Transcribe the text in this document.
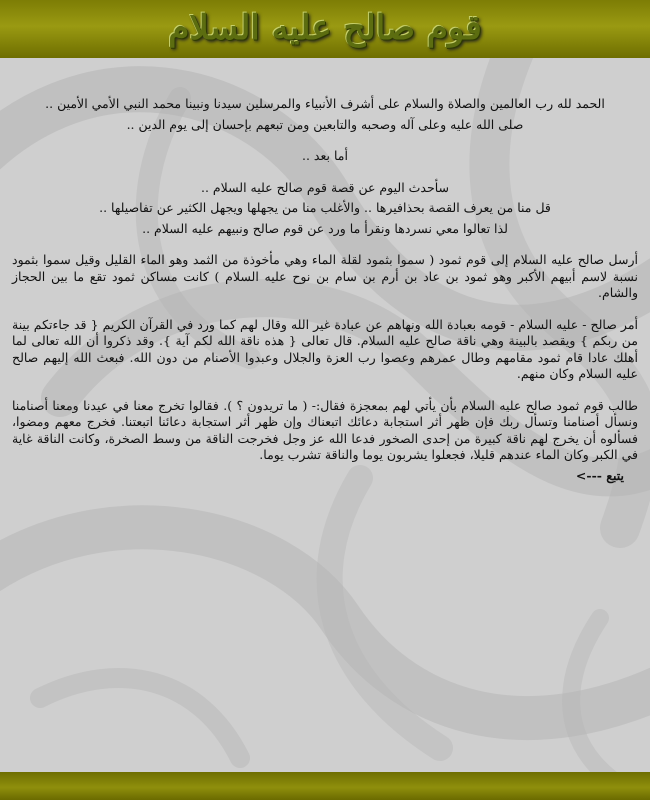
قوم صالح عليه السلام

الحمد لله رب العالمين والصلاة والسلام على أشرف الأنبياء والمرسلين سيدنا ونبينا محمد النبي الأمي الأمين ..

صلى الله عليه وعلى آله وصحبه والتابعين ومن تبعهم بإحسان إلى يوم الدين ..

أما بعد ..

سأحدث اليوم عن قصة قوم صالح عليه السلام ..

قل منا من يعرف القصة بحذافيرها .. والأغلب منا من يجهلها ويجهل الكثير عن تفاصيلها ..

لذا تعالوا معي نسردها ونقرأ ما ورد عن قوم صالح ونبيهم عليه السلام ..

أرسل صالح عليه السلام إلى قوم ثمود ( سموا بثمود لقلة الماء وهي مأخوذة من الثمد وهو الماء القليل وقيل سموا بثمود نسبة لاسم أبيهم الأكبر وهو ثمود بن عاد بن أرم بن سام بن نوح عليه السلام ) كانت مساكن ثمود تقع ما بين الحجاز والشام.

أمر صالح - عليه السلام - قومه بعبادة الله ونهاهم عن عبادة غير الله وقال لهم كما ورد في القرآن الكريم { قد جاءتكم بينة من ربكم } ويقصد بالبينة وهي ناقة صالح عليه السلام. قال تعالى { هذه ناقة الله لكم آية }. وقد ذكروا أن الله تعالى لما أهلك عادا قام ثمود مقامهم وطال عمرهم وعصوا رب العزة والجلال وعبدوا الأصنام من دون الله. فبعث الله إليهم صالح عليه السلام وكان منهم.

طالب قوم ثمود صالح عليه السلام بأن يأتي لهم بمعجزة فقال:- ( ما تريدون ؟ ). فقالوا تخرج معنا في عيدنا ومعنا أصنامنا ونسأل أصنامنا وتسأل ربك فإن ظهر أثر استجابة دعائك اتبعناك وإن ظهر أثر استجابة دعائنا اتبعتنا. فخرج معهم ومضوا، فسألوه أن يخرج لهم ناقة كبيرة من إحدى الصخور فدعا الله عز وجل فخرجت الناقة من وسط الصخرة، وكانت الناقة غاية في الكبر وكان الماء عندهم قليلا، فجعلوا يشربون يوما والناقة تشرب يوما.

يتبع --->
